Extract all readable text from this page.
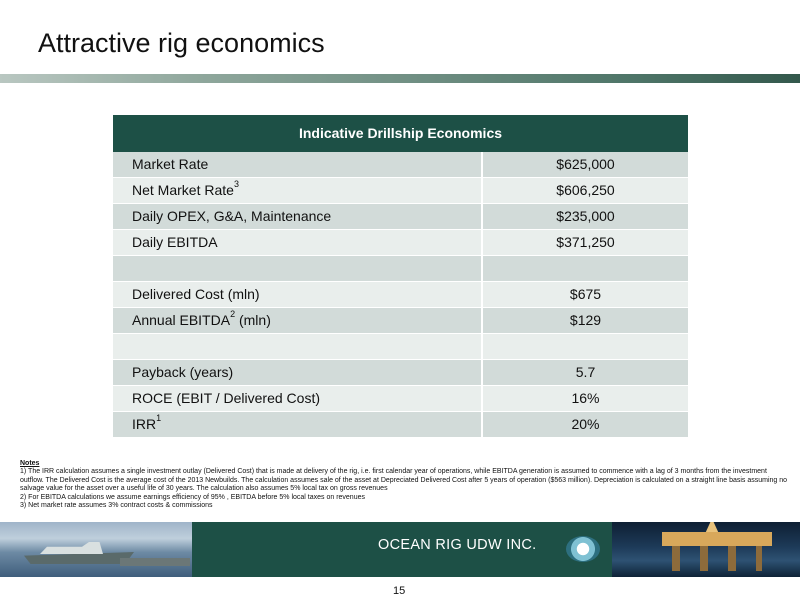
Attractive rig economics
Indicative Drillship Economics
Market Rate	$625,000
Net Market Rate$^3$	$606,250
Daily OPEX, G&A, Maintenance	$235,000
Daily EBITDA	$371,250
Delivered Cost (mln)	$675
Annual EBITDA$^2$ (mln)	$129
Payback (years)	5.7
ROCE (EBIT / Delivered Cost)	16%
IRR$^1$	20%
Notes
1) The IRR calculation assumes a single investment outlay (Delivered Cost) that is made at delivery of the rig, i.e. first calendar year of operations, while EBITDA generation is assumed to commence with a lag of 3 months from the investment outflow. The Delivered Cost is the average cost of the 2013 Newbuilds. The calculation assumes sale of the asset at Depreciated Delivered Cost after 5 years of operation ($563 million). Depreciation is calculated on a straight line basis assuming no salvage value for the asset over a useful life of 30 years. The calculation also assumes 5% local tax on gross revenues
2) For EBITDA calculations we assume earnings efficiency of 95% , EBITDA before 5% local taxes on revenues
3) Net market rate assumes 3% contract costs & commissions
OCEAN RIG UDW INC.
15
